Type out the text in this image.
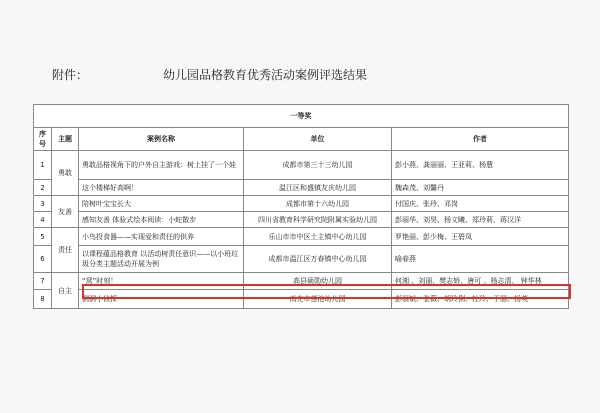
附件：	幼儿园品格教育优秀活动案例评选结果
一等奖				
序号	主题	案例名称	单位	作者
1	勇敢	勇敢品格视角下的户外自主游戏：树上挂了一个娃	成都市第三十三幼儿园	彭小燕、龚丽丽、王亚莉、杨慧
2		这个楼梯好高啊！	温江区和盛镇友庆幼儿园	魏森茂、刘馨丹
3	友善	陪树叶宝宝长大	成都市第十六幼儿园	付国庆、张玲、邓岗
4		感知友善 体验式绘本阅读：小蛇散步	四川省教育科学研究院附属实验幼儿园	彭丽华、刘昊、杨文曦、郑玲莉、蒋汉洋
5	责任	小鸟投食器——实现爱和责任的供养	乐山市市中区土主镇中心幼儿园	罗艳丽、彭少梅、王碧凤
6		以课程蕴品格教育 以活动树责任意识——以小班垃圾分类主题活动开展为例	成都市温江区万春镇中心幼儿园	喻春燕
7	自主	“窝”时刻！	高县硕勋幼儿园	何湘 、刘丽、樊志娇、唐可 、杨志清、 钟华林
8		洞洞小侦探	南充市莲池幼儿园	彭丽斌、张薇、胡玲俐、杜玲、于丽、杨英
